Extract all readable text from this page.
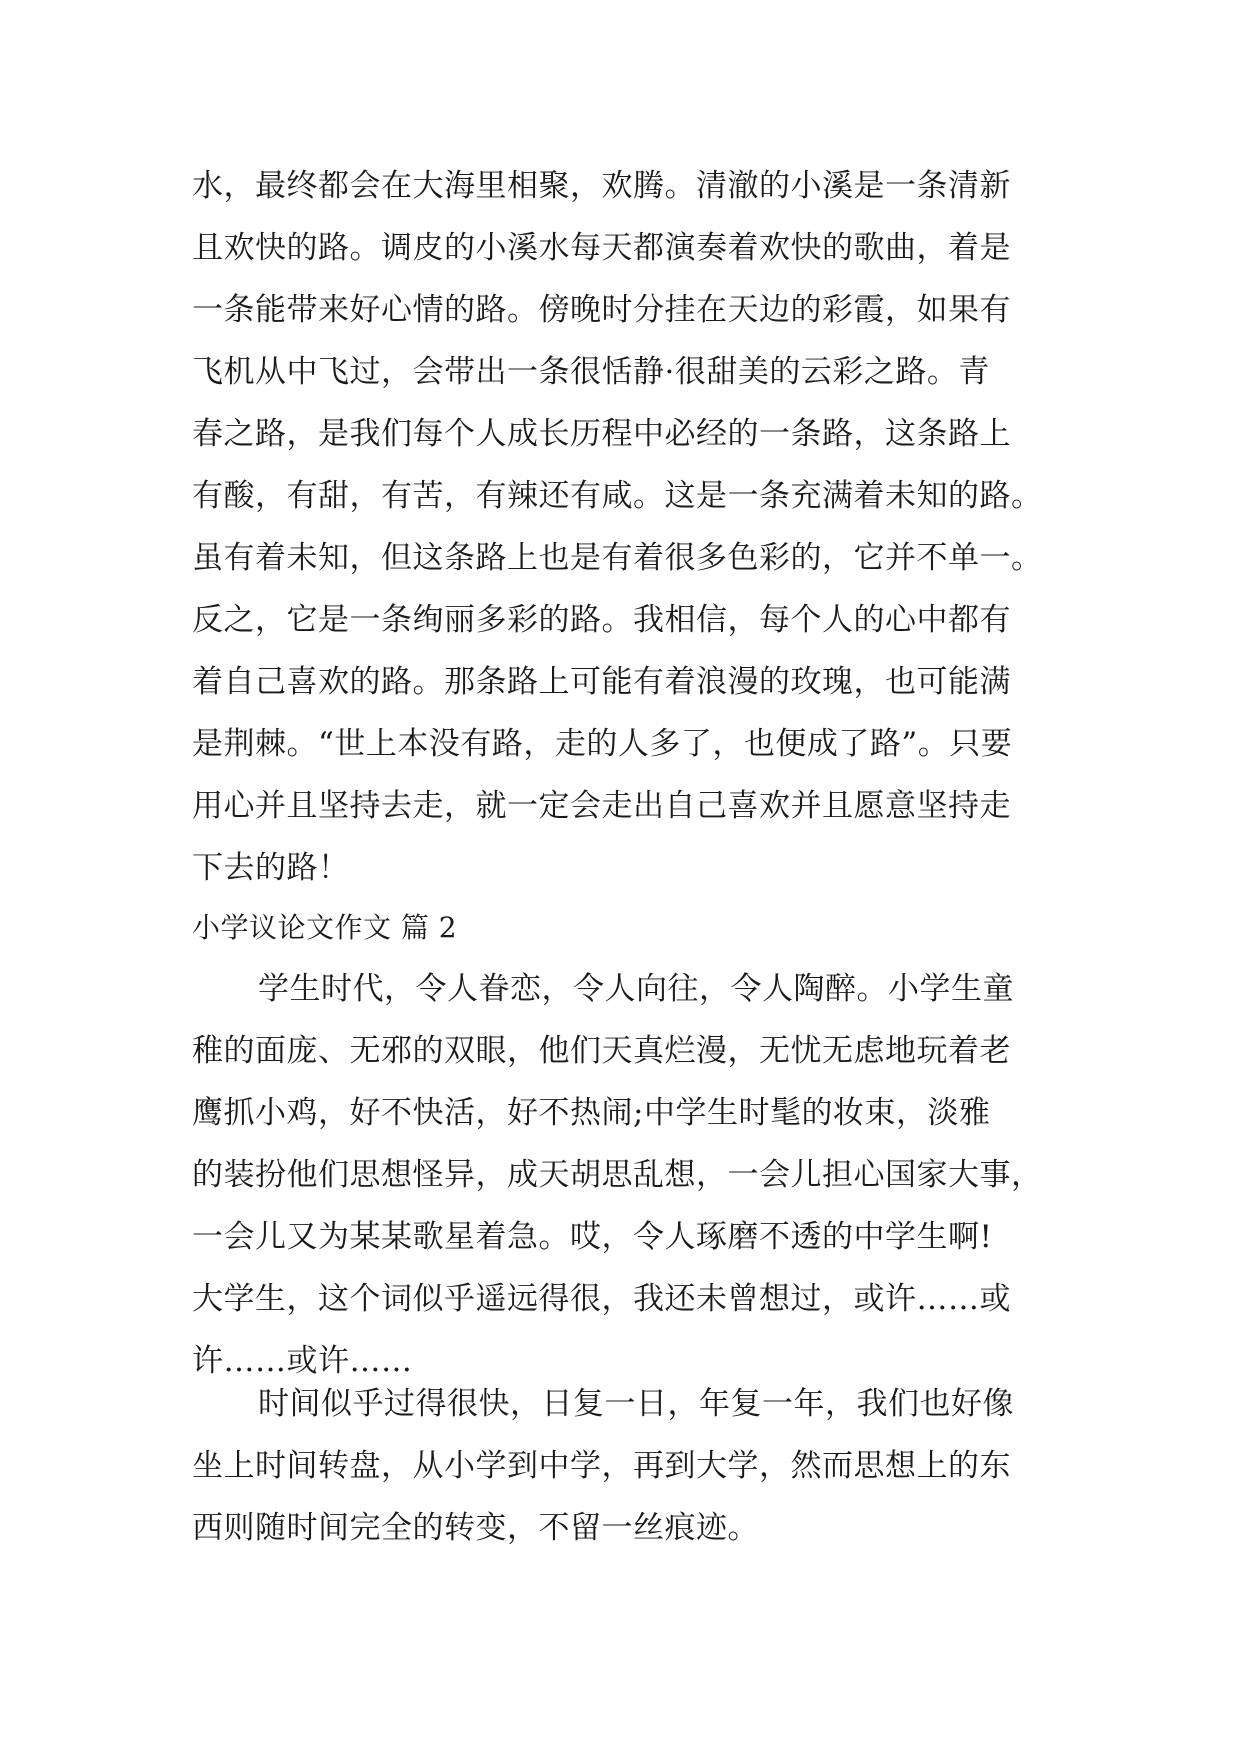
水，最终都会在大海里相聚，欢腾。清澈的小溪是一条清新
且欢快的路。调皮的小溪水每天都演奏着欢快的歌曲，着是
一条能带来好心情的路。傍晚时分挂在天边的彩霞，如果有
飞机从中飞过，会带出一条很恬静·很甜美的云彩之路。青
春之路，是我们每个人成长历程中必经的一条路，这条路上
有酸，有甜，有苦，有辣还有咸。这是一条充满着未知的路。
虽有着未知，但这条路上也是有着很多色彩的，它并不单一。
反之，它是一条绚丽多彩的路。我相信，每个人的心中都有
着自己喜欢的路。那条路上可能有着浪漫的玫瑰，也可能满
是荆棘。“世上本没有路，走的人多了，也便成了路”。只要
用心并且坚持去走，就一定会走出自己喜欢并且愿意坚持走
下去的路！
小学议论文作文 篇 2
学生时代，令人眷恋，令人向往，令人陶醉。小学生童
稚的面庞、无邪的双眼，他们天真烂漫，无忧无虑地玩着老
鹰抓小鸡，好不快活，好不热闹;中学生时髦的妆束，淡雅
的装扮他们思想怪异，成天胡思乱想，一会儿担心国家大事，
一会儿又为某某歌星着急。哎，令人琢磨不透的中学生啊!
大学生，这个词似乎遥远得很，我还未曾想过，或许……或
许……或许……
时间似乎过得很快，日复一日，年复一年，我们也好像
坐上时间转盘，从小学到中学，再到大学，然而思想上的东
西则随时间完全的转变，不留一丝痕迹。
